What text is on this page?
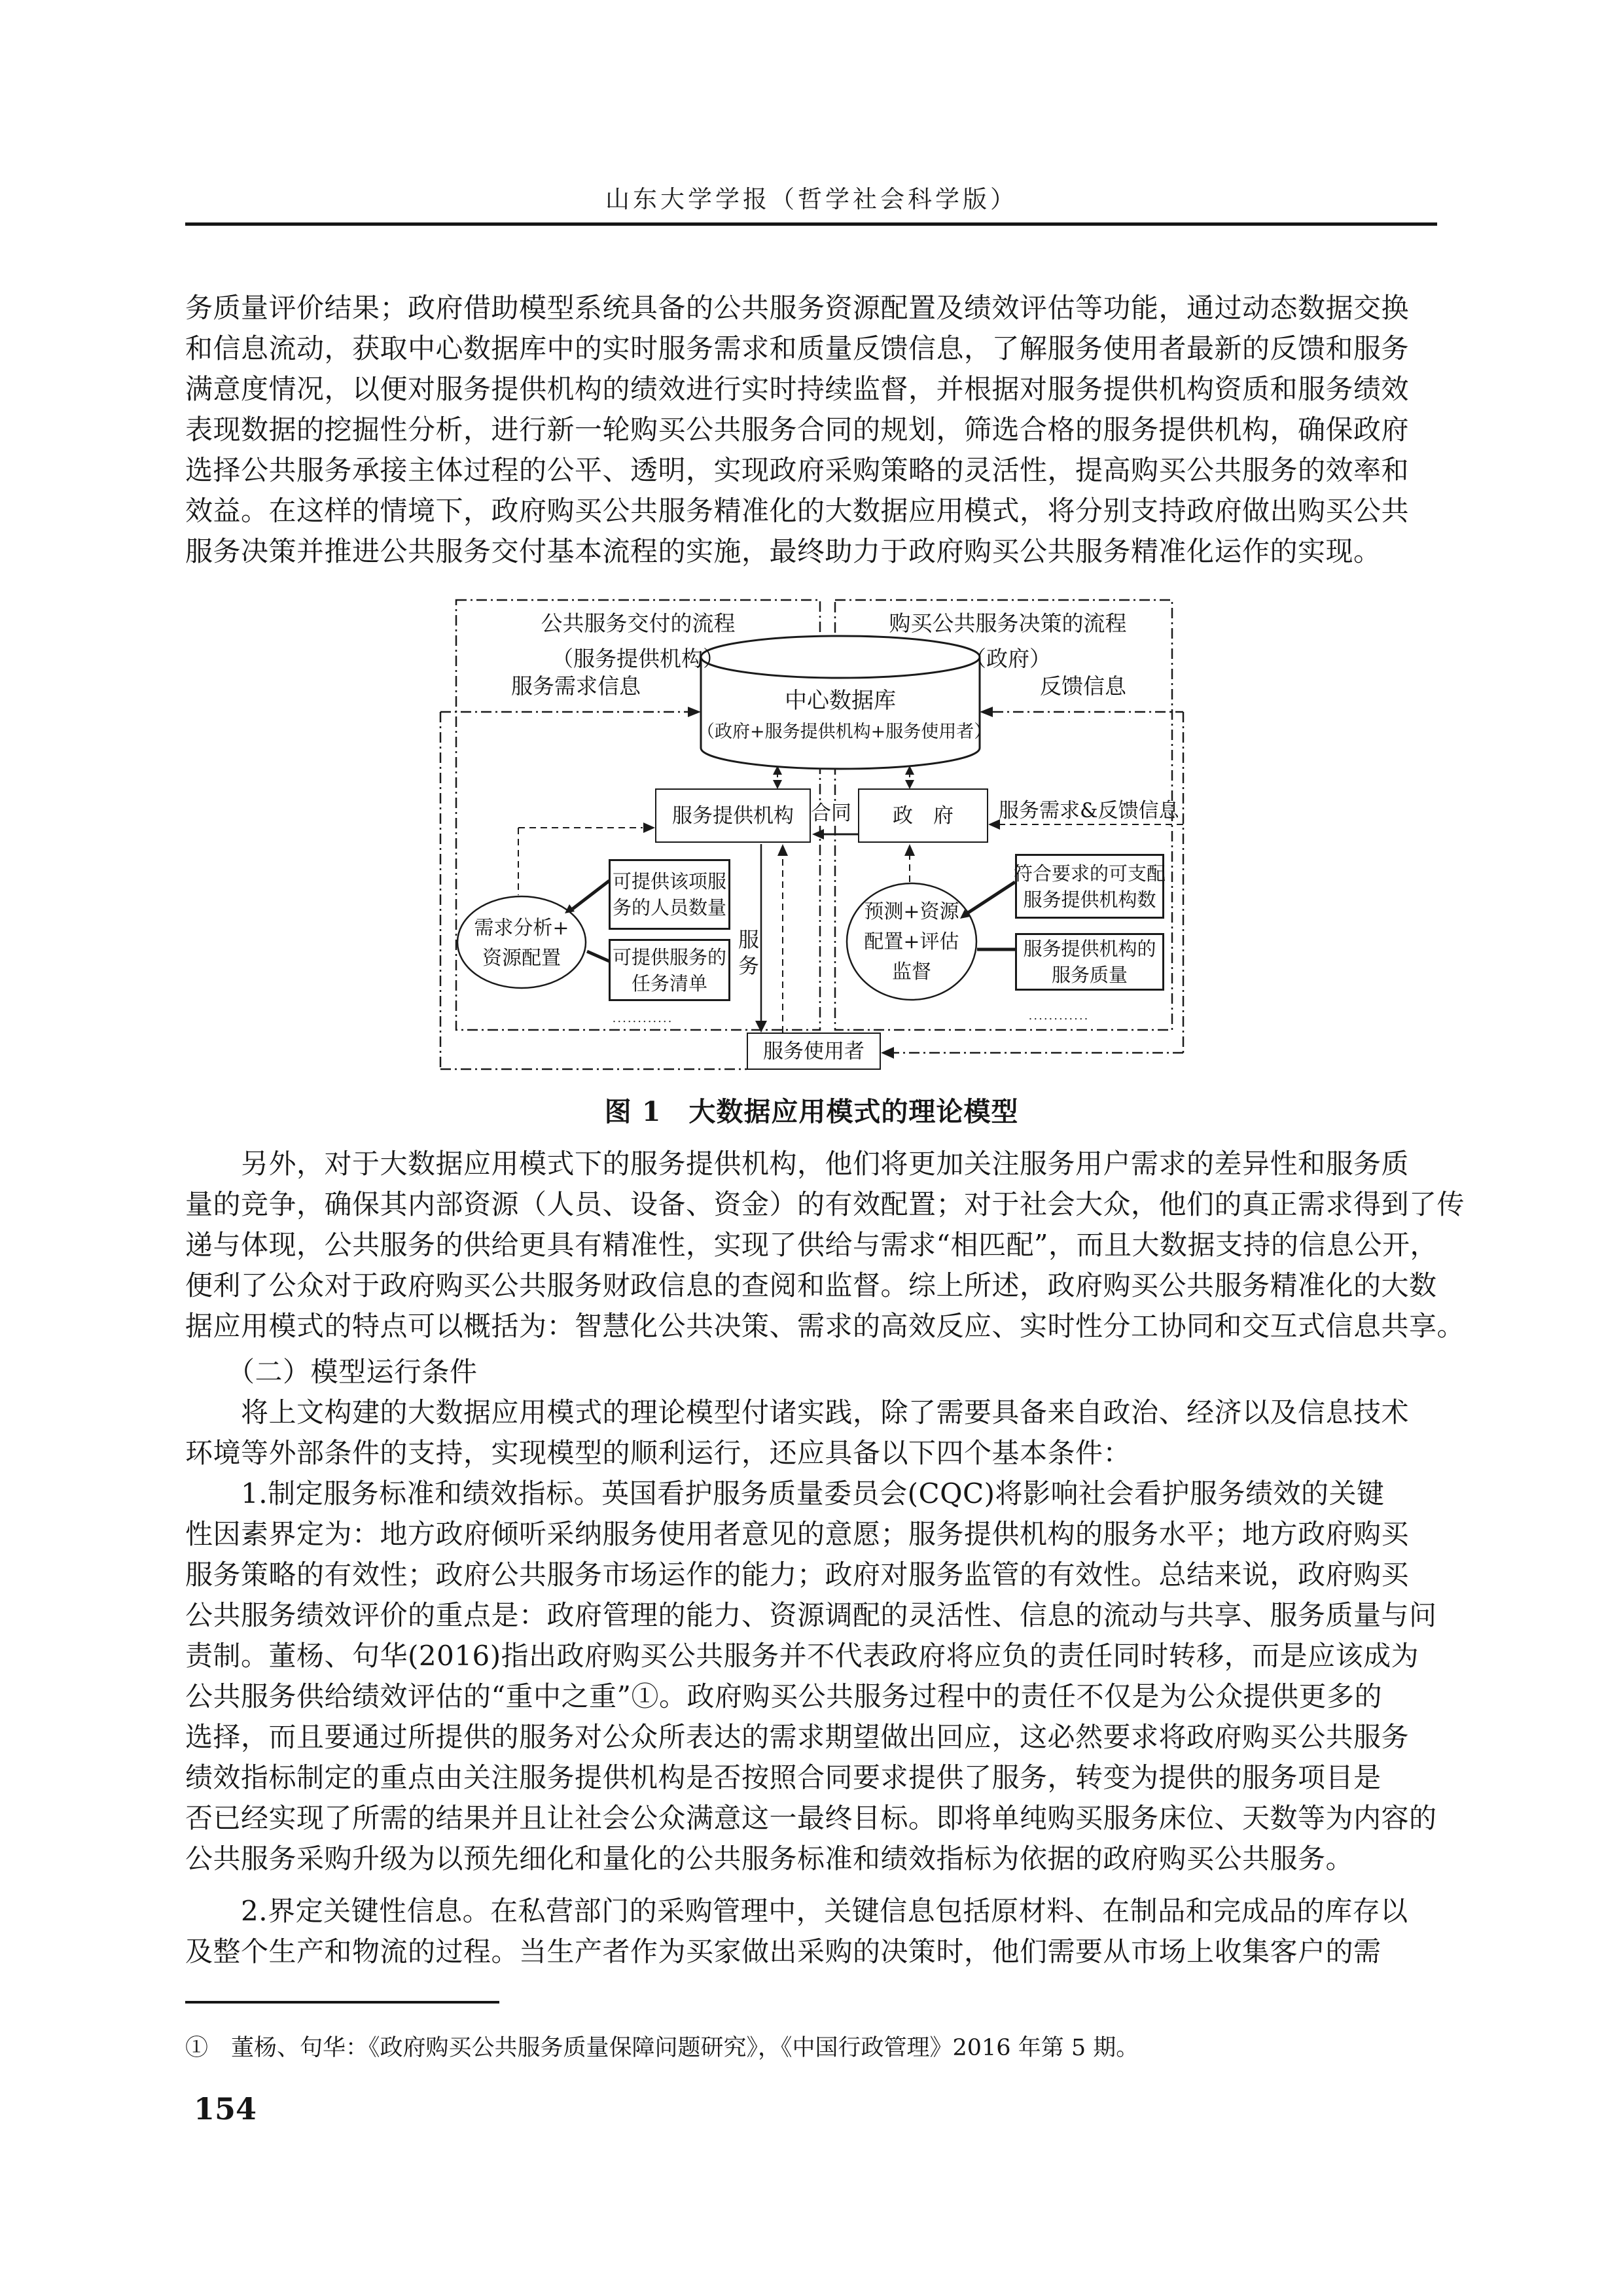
山东大学学报（哲学社会科学版）
务质量评价结果；政府借助模型系统具备的公共服务资源配置及绩效评估等功能，通过动态数据交换
和信息流动，获取中心数据库中的实时服务需求和质量反馈信息，了解服务使用者最新的反馈和服务
满意度情况，以便对服务提供机构的绩效进行实时持续监督，并根据对服务提供机构资质和服务绩效
表现数据的挖掘性分析，进行新一轮购买公共服务合同的规划，筛选合格的服务提供机构，确保政府
选择公共服务承接主体过程的公平、透明，实现政府采购策略的灵活性，提高购买公共服务的效率和
效益。在这样的情境下，政府购买公共服务精准化的大数据应用模式，将分别支持政府做出购买公共
服务决策并推进公共服务交付基本流程的实施，最终助力于政府购买公共服务精准化运作的实现。
公共服务交付的流程
（服务提供机构）
购买公共服务决策的流程
（政府）
服务需求信息	反馈信息
中心数据库
（政府+服务提供机构+服务使用者）
服务提供机构	政　府
合同	服务需求&反馈信息
需求分析+
资源配置
预测+资源
配置+评估
监督
可提供该项服
务的人员数量
可提供服务的
任务清单
符合要求的可支配
服务提供机构数
服务提供机构的
服务质量
服
务
............	............
服务使用者
图 1　大数据应用模式的理论模型
　　另外，对于大数据应用模式下的服务提供机构，他们将更加关注服务用户需求的差异性和服务质
量的竞争，确保其内部资源（人员、设备、资金）的有效配置；对于社会大众，他们的真正需求得到了传
递与体现，公共服务的供给更具有精准性，实现了供给与需求“相匹配”，而且大数据支持的信息公开，
便利了公众对于政府购买公共服务财政信息的查阅和监督。综上所述，政府购买公共服务精准化的大数
据应用模式的特点可以概括为：智慧化公共决策、需求的高效反应、实时性分工协同和交互式信息共享。
　　（二）模型运行条件
　　将上文构建的大数据应用模式的理论模型付诸实践，除了需要具备来自政治、经济以及信息技术
环境等外部条件的支持，实现模型的顺利运行，还应具备以下四个基本条件：
　　1.制定服务标准和绩效指标。英国看护服务质量委员会(CQC)将影响社会看护服务绩效的关键
性因素界定为：地方政府倾听采纳服务使用者意见的意愿；服务提供机构的服务水平；地方政府购买
服务策略的有效性；政府公共服务市场运作的能力；政府对服务监管的有效性。总结来说，政府购买
公共服务绩效评价的重点是：政府管理的能力、资源调配的灵活性、信息的流动与共享、服务质量与问
责制。董杨、句华(2016)指出政府购买公共服务并不代表政府将应负的责任同时转移，而是应该成为
公共服务供给绩效评估的“重中之重”①。政府购买公共服务过程中的责任不仅是为公众提供更多的
选择，而且要通过所提供的服务对公众所表达的需求期望做出回应，这必然要求将政府购买公共服务
绩效指标制定的重点由关注服务提供机构是否按照合同要求提供了服务，转变为提供的服务项目是
否已经实现了所需的结果并且让社会公众满意这一最终目标。即将单纯购买服务床位、天数等为内容的
公共服务采购升级为以预先细化和量化的公共服务标准和绩效指标为依据的政府购买公共服务。
　　2.界定关键性信息。在私营部门的采购管理中，关键信息包括原材料、在制品和完成品的库存以
及整个生产和物流的过程。当生产者作为买家做出采购的决策时，他们需要从市场上收集客户的需
①　董杨、句华：《政府购买公共服务质量保障问题研究》，《中国行政管理》2016 年第 5 期。
154
